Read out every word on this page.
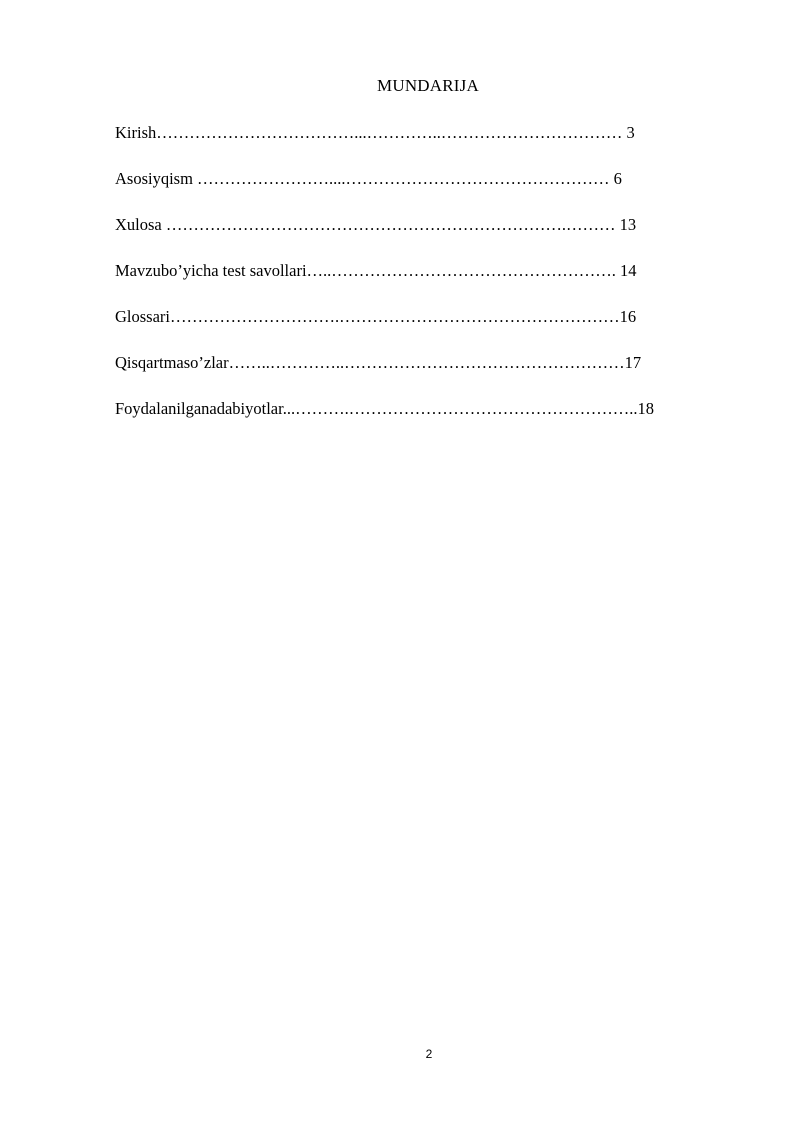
MUNDARIJA
Kirish………………………………...…………..…………………………… 3
Asosiyqism ……………………....………………………………………… 6
Xulosa ……………………………………………………………….……… 13
Mavzubo’yicha test savollari…..……………………………………………. 14
Glossari………………………….……………………………………………16
Qisqartmaso’zlar……..…………..……………………………………………17
Foydalanilganadabiyotlar...……….……………………………………………..18
2
